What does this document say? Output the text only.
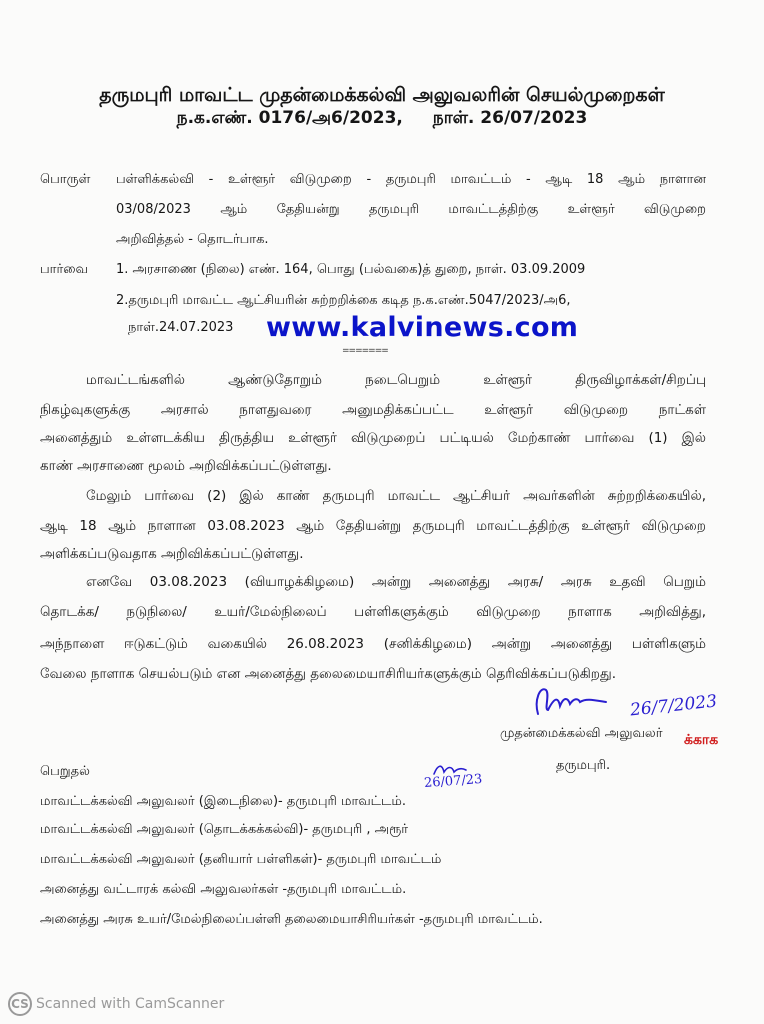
தருமபுரி மாவட்ட முதன்மைக்கல்வி அலுவலரின் செயல்முறைகள்
ந.க.எண். 0176/அ6/2023, நாள். 26/07/2023
பொருள் பள்ளிக்கல்வி - உள்ளூர் விடுமுறை - தருமபுரி மாவட்டம் - ஆடி 18 ஆம் நாளான
03/08/2023 ஆம் தேதியன்று தருமபுரி மாவட்டத்திற்கு உள்ளூர் விடுமுறை
அறிவித்தல் - தொடர்பாக.
பார்வை 1. அரசாணை (நிலை) எண். 164, பொது (பல்வகை)த் துறை, நாள். 03.09.2009
2.தருமபுரி மாவட்ட ஆட்சியரின் சுற்றறிக்கை கடித ந.க.எண்.5047/2023/அ6,
நாள்.24.07.2023 www.kalvinews.com
=======
மாவட்டங்களில் ஆண்டுதோறும் நடைபெறும் உள்ளூர் திருவிழாக்கள்/சிறப்பு
நிகழ்வுகளுக்கு அரசால் நாளதுவரை அனுமதிக்கப்பட்ட உள்ளூர் விடுமுறை நாட்கள்
அனைத்தும் உள்ளடக்கிய திருத்திய உள்ளூர் விடுமுறைப் பட்டியல் மேற்காண் பார்வை (1) இல்
காண் அரசாணை மூலம் அறிவிக்கப்பட்டுள்ளது.
மேலும் பார்வை (2) இல் காண் தருமபுரி மாவட்ட ஆட்சியர் அவர்களின் சுற்றறிக்கையில்,
ஆடி 18 ஆம் நாளான 03.08.2023 ஆம் தேதியன்று தருமபுரி மாவட்டத்திற்கு உள்ளூர் விடுமுறை
அளிக்கப்படுவதாக அறிவிக்கப்பட்டுள்ளது.
எனவே 03.08.2023 (வியாழக்கிழமை) அன்று அனைத்து அரசு/ அரசு உதவி பெறும்
தொடக்க/ நடுநிலை/ உயர்/மேல்நிலைப் பள்ளிகளுக்கும் விடுமுறை நாளாக அறிவித்து,
அந்நாளை ஈடுகட்டும் வகையில் 26.08.2023 (சனிக்கிழமை) அன்று அனைத்து பள்ளிகளும்
வேலை நாளாக செயல்படும் என அனைத்து தலைமையாசிரியர்களுக்கும் தெரிவிக்கப்படுகிறது.
26/7/2023
முதன்மைக்கல்வி அலுவலர் க்காக
தருமபுரி.
பெறுதல்
26/07/23
மாவட்டக்கல்வி அலுவலர் (இடைநிலை)- தருமபுரி மாவட்டம்.
மாவட்டக்கல்வி அலுவலர் (தொடக்கக்கல்வி)- தருமபுரி , அரூர்
மாவட்டக்கல்வி அலுவலர் (தனியார் பள்ளிகள்)- தருமபுரி மாவட்டம்
அனைத்து வட்டாரக் கல்வி அலுவலர்கள் -தருமபுரி மாவட்டம்.
அனைத்து அரசு உயர்/மேல்நிலைப்பள்ளி தலைமையாசிரியர்கள் -தருமபுரி மாவட்டம்.
CS Scanned with CamScanner
